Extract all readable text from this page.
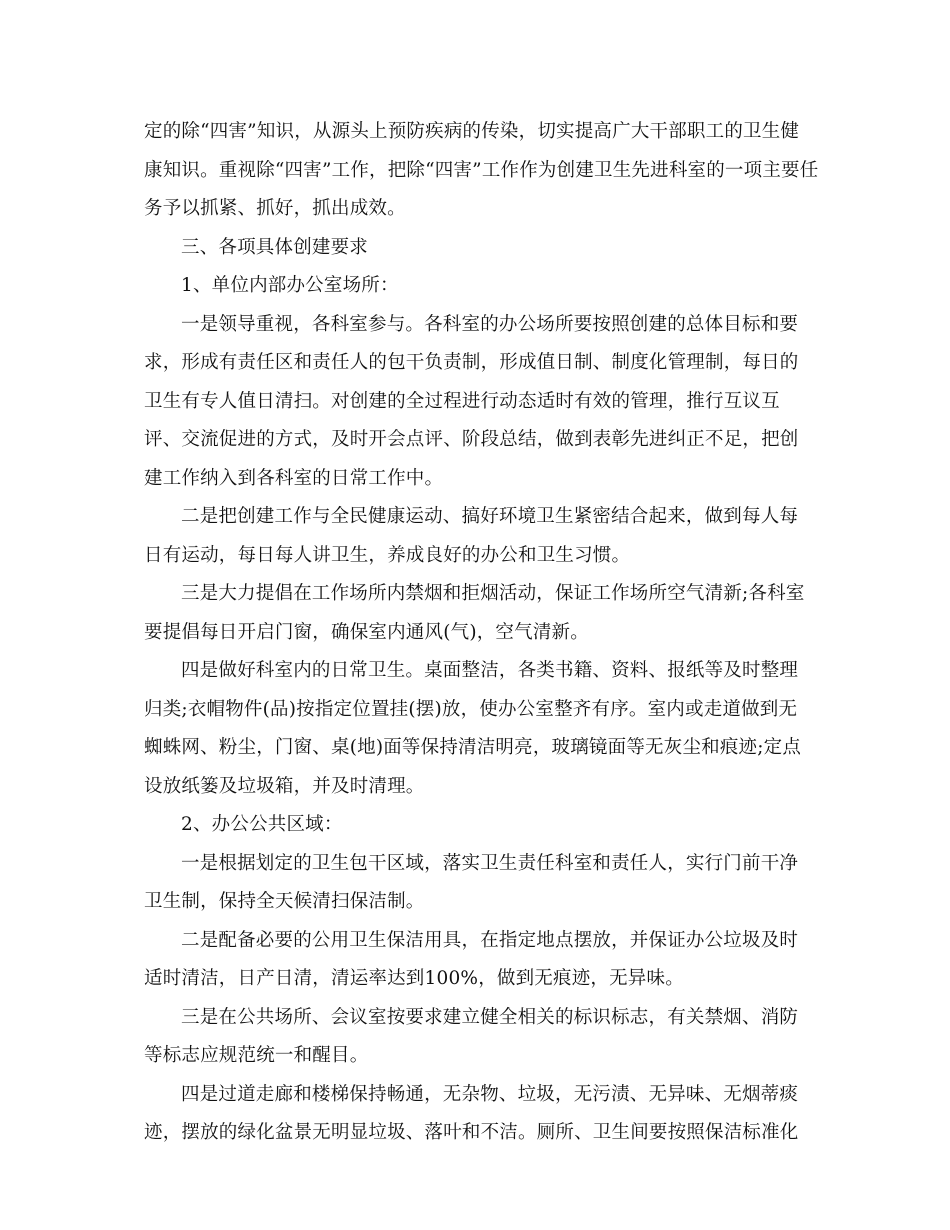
定的除“四害”知识，从源头上预防疾病的传染，切实提高广大干部职工的卫生健
康知识。重视除“四害”工作，把除“四害”工作作为创建卫生先进科室的一项主要任
务予以抓紧、抓好，抓出成效。
三、各项具体创建要求
1、单位内部办公室场所：
一是领导重视，各科室参与。各科室的办公场所要按照创建的总体目标和要
求，形成有责任区和责任人的包干负责制，形成值日制、制度化管理制，每日的
卫生有专人值日清扫。对创建的全过程进行动态适时有效的管理，推行互议互
评、交流促进的方式，及时开会点评、阶段总结，做到表彰先进纠正不足，把创
建工作纳入到各科室的日常工作中。
二是把创建工作与全民健康运动、搞好环境卫生紧密结合起来，做到每人每
日有运动，每日每人讲卫生，养成良好的办公和卫生习惯。
三是大力提倡在工作场所内禁烟和拒烟活动，保证工作场所空气清新;各科室
要提倡每日开启门窗，确保室内通风(气)，空气清新。
四是做好科室内的日常卫生。桌面整洁，各类书籍、资料、报纸等及时整理
归类;衣帽物件(品)按指定位置挂(摆)放，使办公室整齐有序。室内或走道做到无
蜘蛛网、粉尘，门窗、桌(地)面等保持清洁明亮，玻璃镜面等无灰尘和痕迹;定点
设放纸篓及垃圾箱，并及时清理。
2、办公公共区域：
一是根据划定的卫生包干区域，落实卫生责任科室和责任人，实行门前干净
卫生制，保持全天候清扫保洁制。
二是配备必要的公用卫生保洁用具，在指定地点摆放，并保证办公垃圾及时
适时清洁，日产日清，清运率达到100%，做到无痕迹，无异味。
三是在公共场所、会议室按要求建立健全相关的标识标志，有关禁烟、消防
等标志应规范统一和醒目。
四是过道走廊和楼梯保持畅通，无杂物、垃圾，无污渍、无异味、无烟蒂痰
迹，摆放的绿化盆景无明显垃圾、落叶和不洁。厕所、卫生间要按照保洁标准化
